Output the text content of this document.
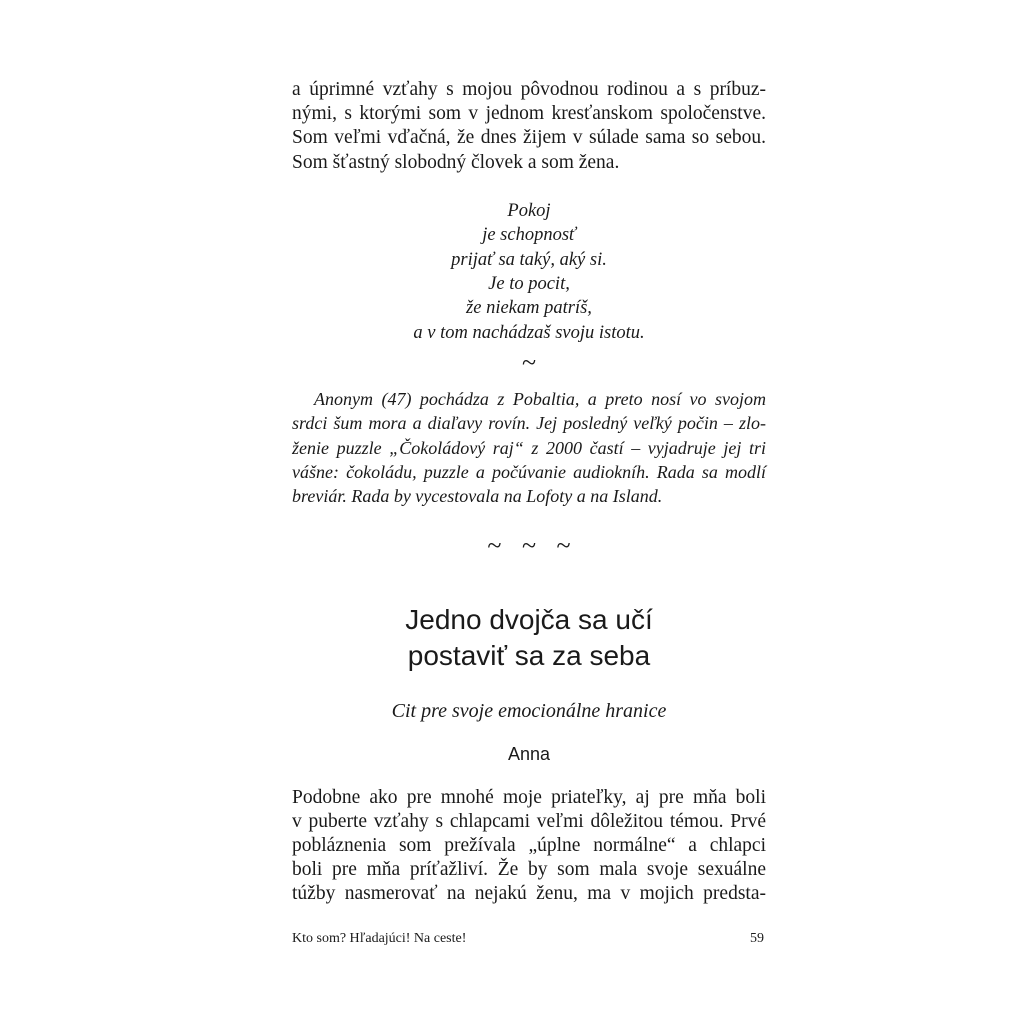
a úprimné vzťahy s mojou pôvodnou rodinou a s príbuz-
nými, s ktorými som v jednom kresťanskom spoločenstve.
Som veľmi vďačná, že dnes žijem v súlade sama so sebou.
Som šťastný slobodný človek a som žena.
Pokoj
je schopnosť
prijať sa taký, aký si.
Je to pocit,
že niekam patríš,
a v tom nachádzaš svoju istotu.
~
Anonym (47) pochádza z Pobaltia, a preto nosí vo svojom
srdci šum mora a diaľavy rovín. Jej posledný veľký počin – zlo-
ženie puzzle „Čokoládový raj“ z 2000 častí – vyjadruje jej tri
vášne: čokoládu, puzzle a počúvanie audiokníh. Rada sa modlí
breviár. Rada by vycestovala na Lofoty a na Island.
~ ~ ~
Jedno dvojča sa učí
postaviť sa za seba
Cit pre svoje emocionálne hranice
Anna
Podobne ako pre mnohé moje priateľky, aj pre mňa boli
v puberte vzťahy s chlapcami veľmi dôležitou témou. Prvé
pobláznenia som prežívala „úplne normálne“ a chlapci
boli pre mňa príťažliví. Že by som mala svoje sexuálne
túžby nasmerovať na nejakú ženu, ma v mojich predsta-
Kto som? Hľadajúci! Na ceste!	59
